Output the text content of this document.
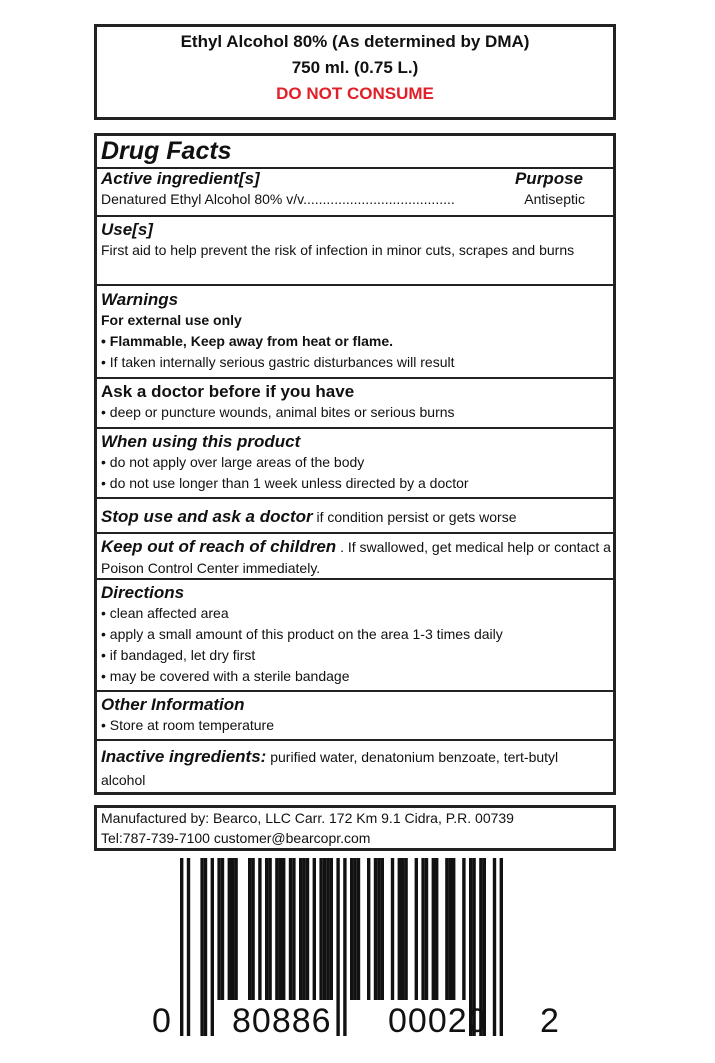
Ethyl Alcohol 80% (As determined by DMA)
750 ml. (0.75 L.)
DO NOT CONSUME
Drug Facts
Active ingredient[s]	Purpose
Denatured Ethyl Alcohol 80% v/v.......................................	Antiseptic
Use[s]
First aid to help prevent the risk of infection in minor cuts, scrapes and burns
Warnings
For external use only
• Flammable, Keep away from heat or flame.
• If taken internally serious gastric disturbances will result
Ask a doctor before if you have
• deep or puncture wounds, animal bites or serious burns
When using this product
• do not apply over large areas of the body
• do not use longer than 1 week unless directed by a doctor
Stop use and ask a doctor if condition persist or gets worse
Keep out of reach of children . If swallowed, get medical help or contact a Poison Control Center immediately.
Directions
• clean affected area
• apply a small amount of this product on the area 1-3 times daily
• if bandaged, let dry first
• may be covered with a sterile bandage
Other Information
• Store at room temperature
Inactive ingredients: purified water, denatonium benzoate, tert-butyl alcohol
Manufactured by: Bearco, LLC Carr. 172 Km 9.1 Cidra, P.R. 00739
Tel:787-739-7100 customer@bearcopr.com
0 80886 00020 2
